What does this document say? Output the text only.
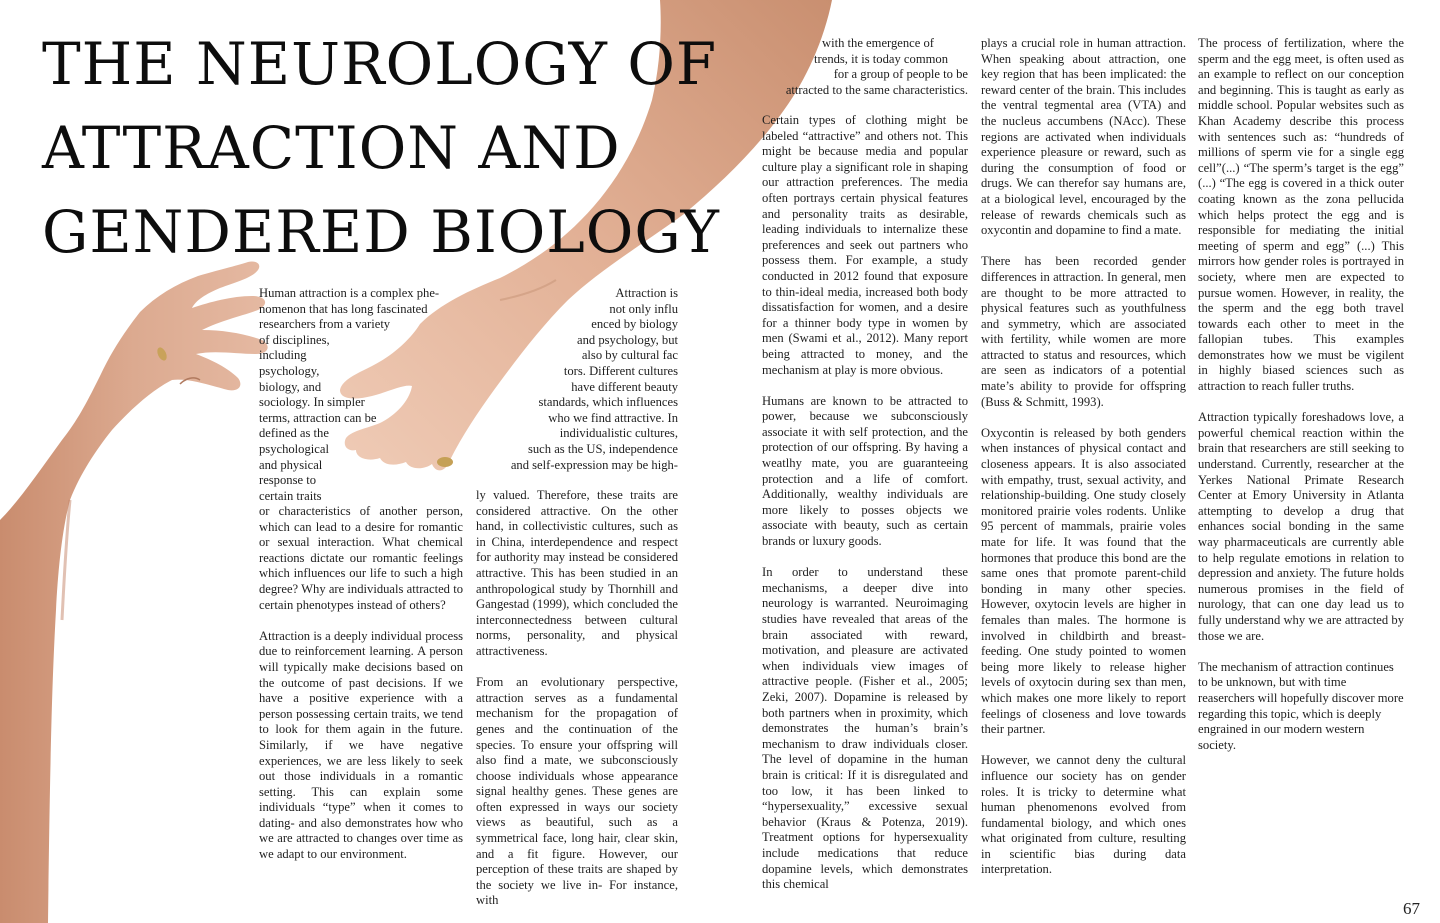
THE NEUROLOGY OF
ATTRACTION AND
GENDERED BIOLOGY
Human attraction is a complex phe-
nomenon that has long fascinated
researchers from a variety
of disciplines,
including
psychology,
biology, and
sociology. In simpler
terms, attraction can be
defined as the
psychological
and physical
response to
certain traits

or characteristics of another person, which can lead to a desire for romantic or sexual interaction. What chemical reactions dictate our romantic feelings which influences our life to such a high degree? Why are individuals attracted to certain phenotypes instead of others?

Attraction is a deeply individual process due to reinforcement learning. A person will typically make decisions based on the outcome of past decisions. If we have a positive experience with a person possessing certain traits, we tend to look for them again in the future. Similarly, if we have negative experiences, we are less likely to seek out those individuals in a romantic setting. This can explain some individuals “type” when it comes to dating- and also demonstrates how who we are attracted to changes over time as we adapt to our environment.

Attraction is
not only influ
enced by biology
and psychology, but
also by cultural fac
tors. Different cultures
have different beauty
standards, which influences
who we find attractive. In
individualistic cultures,
such as the US, independence
and self-expression may be high-

ly valued. Therefore, these traits are considered attractive. On the other hand, in collectivistic cultures, such as in China, interdependence and respect for authority may instead be considered attractive. This has been studied in an anthropological study by Thornhill and Gangestad (1999), which concluded the interconnectedness between cultural norms, personality, and physical attractiveness.

From an evolutionary perspective, attraction serves as a fundamental mechanism for the propagation of genes and the continuation of the species. To ensure your offspring will also find a mate, we subconsciously choose individuals whose appearance signal healthy genes. These genes are often expressed in ways our society views as beautiful, such as a symmetrical face, long hair, clear skin, and a fit figure. However, our perception of these traits are shaped by the society we live in- For instance, with

with the emergence of
trends, it is today common
for a group of people to be
attracted to the same characteristics.

Certain types of clothing might be labeled “attractive” and others not. This might be because media and popular culture play a significant role in shaping our attraction preferences. The media often portrays certain physical features and personality traits as desirable, leading individuals to internalize these preferences and seek out partners who possess them. For example, a study conducted in 2012 found that exposure to thin-ideal media, increased both body dissatisfaction for women, and a desire for a thinner body type in women by men (Swami et al., 2012). Many report being attracted to money, and the mechanism at play is more obvious.

Humans are known to be attracted to power, because we subconsciously associate it with self protection, and the protection of our offspring. By having a weatlhy mate, you are guaranteeing protection and a life of comfort. Additionally, wealthy individuals are more likely to posses objects we associate with beauty, such as certain brands or luxury goods.

In order to understand these mechanisms, a deeper dive into neurology is warranted. Neuroimaging studies have revealed that areas of the brain associated with reward, motivation, and pleasure are activated when individuals view images of attractive people. (Fisher et al., 2005; Zeki, 2007). Dopamine is released by both partners when in proximity, which demonstrates the human’s brain’s mechanism to draw individuals closer. The level of dopamine in the human brain is critical: If it is disregulated and too low, it has been linked to “hypersexuality,” excessive sexual behavior (Kraus & Potenza, 2019). Treatment options for hypersexuality include medications that reduce dopamine levels, which demonstrates this chemical

plays a crucial role in human attraction. When speaking about attraction, one key region that has been implicated: the reward center of the brain. This includes the ventral tegmental area (VTA) and the nucleus accumbens (NAcc). These regions are activated when individuals experience pleasure or reward, such as during the consumption of food or drugs. We can therefor say humans are, at a biological level, encouraged by the release of rewards chemicals such as oxycontin and dopamine to find a mate.

There has been recorded gender differences in attraction. In general, men are thought to be more attracted to physical features such as youthfulness and symmetry, which are associated with fertility, while women are more attracted to status and resources, which are seen as indicators of a potential mate’s ability to provide for offspring (Buss & Schmitt, 1993).

Oxycontin is released by both genders when instances of physical contact and closeness appears. It is also associated with empathy, trust, sexual activity, and relationship-building. One study closely monitored prairie voles rodents. Unlike 95 percent of mammals, prairie voles mate for life. It was found that the hormones that produce this bond are the same ones that promote parent-child bonding in many other species. However, oxytocin levels are higher in females than males. The hormone is involved in childbirth and breast-feeding. One study pointed to women being more likely to release higher levels of oxytocin during sex than men, which makes one more likely to report feelings of closeness and love towards their partner.

However, we cannot deny the cultural influence our society has on gender roles. It is tricky to determine what human phenomenons evolved from fundamental biology, and which ones what originated from culture, resulting in scientific bias during data interpretation.

The process of fertilization, where the sperm and the egg meet, is often used as an example to reflect on our conception and beginning. This is taught as early as middle school. Popular websites such as Khan Academy describe this process with sentences such as: “hundreds of millions of sperm vie for a single egg cell”(...) “The sperm’s target is the egg” (...) “The egg is covered in a thick outer coating known as the zona pellucida which helps protect the egg and is responsible for mediating the initial meeting of sperm and egg” (...) This mirrors how gender roles is portrayed in society, where men are expected to pursue women. However, in reality, the the sperm and the egg both travel towards each other to meet in the fallopian tubes. This examples demonstrates how we must be vigilent in highly biased sciences such as attraction to reach fuller truths.

Attraction typically foreshadows love, a powerful chemical reaction within the brain that researchers are still seeking to understand. Currently, researcher at the Yerkes National Primate Research Center at Emory University in Atlanta attempting to develop a drug that enhances social bonding in the same way pharmaceuticals are currently able to help regulate emotions in relation to depression and anxiety. The future holds numerous promises in the field of nurology, that can one day lead us to fully understand why we are attracted by those we are.

The mechanism of attraction continues to be unknown, but with time reaserchers will hopefully discover more regarding this topic, which is deeply engrained in our modern western society.

67
